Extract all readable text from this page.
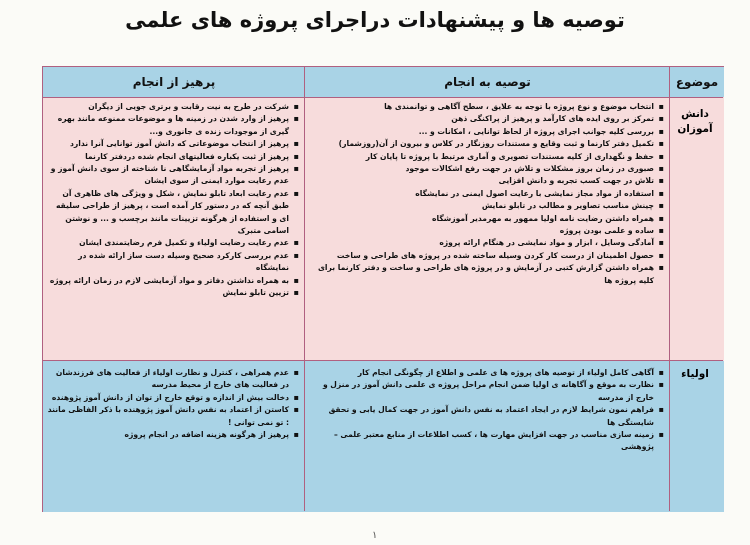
توصیه ها و پیشنهادات دراجرای پروژه های علمی
موضوع
توصیه به انجام
پرهیز از انجام
دانش آموزان
▪ انتخاب موضوع و نوع پروژه با توجه به علایق ، سطح آگاهی و توانمندی ها
▪ تمرکز بر روی ایده های کارآمد و پرهیز از پراکنگی ذهن
▪ بررسی کلیه جوانب اجرای پروژه از لحاظ توانایی ، امکانات و ...
▪ تکمیل دفتر کارنما و ثبت وقایع و مستندات روزنگار در کلاس و بیرون از آن(روزشمار)
▪ حفظ و نگهداری از کلیه مستندات تصویری و آماری مرتبط با پروژه تا پایان کار
▪ صبوری در زمان بروز مشکلات و تلاش در جهت رفع اشکالات موجود
▪ تلاش در جهت کسب تجربه و دانش افزایی
▪ استفاده از مواد مجاز نمایشی با رعایت اصول ایمنی در نمایشگاه
▪ چینش مناسب تصاویر و مطالب در تابلو نمایش
▪ همراه داشتن رضایت نامه اولیا ممهور به مهرمدیر آموزشگاه
▪ ساده و علمی بودن پروژه
▪ آمادگی وسایل ، ابزار و مواد نمایشی در هنگام ارائه پروژه
▪ حصول اطمینان از درست کار کردن وسیله ساخته شده در پروژه های طراحی و ساخت
▪ همراه داشتن گزارش کتبی در آزمایش و در پروژه های طراحی و ساخت و دفتر کارنما برای کلیه پروژه ها
▪ شرکت در طرح به نیت رقابت و برتری جویی از دیگران
▪ پرهیز از وارد شدن در زمینه ها و موضوعات ممنوعه مانند بهره گیری از موجودات زنده ی جانوری و...
▪ پرهیز از انتخاب موضوعاتی که دانش آموز توانایی آنرا ندارد
▪ پرهیز از ثبت یکباره فعالیتهای انجام شده دردفتر کارنما
▪ پرهیز از تجربه مواد آزمایشگاهی نا شناخته از سوی دانش آموز و عدم رعایت موارد ایمنی از سوی ایشان
▪ عدم رعایت ابعاد تابلو نمایش ، شکل و ویژگی های ظاهری آن طبق آنچه که در دستور کار آمده است ، پرهیز از طراحی سلیقه ای و استفاده از هرگونه تزیینات مانند برچسب و ... و نوشتن اسامی متبرک
▪ عدم رعایت رضایت اولیاء و تکمیل فرم رضایتمندی ایشان
▪ عدم بررسی کارکرد صحیح وسیله دست ساز ارائه شده در نمایشگاه
▪ به همراه نداشتن دفاتر و مواد آزمایشی لازم در زمان ارائه پروژه
▪ تزیین تابلو نمایش
اولیاء
▪ آگاهی کامل اولیاء از توصیه های پروژه ها ی علمی و اطلاع از چگونگی انجام کار
▪ نظارت به موقع و آگاهانه ی اولیا ضمن انجام مراحل پروژه ی علمی دانش آموز در منزل و خارج از مدرسه
▪ فراهم نمون شرایط لازم در ایجاد اعتماد به نفس دانش آموز در جهت کمال یابی و تحقق شایستگی ها
▪ زمینه سازی مناسب در جهت افزایش مهارت ها ، کسب اطلاعات از منابع معتبر علمی – پژوهشی
▪ عدم همراهی ، کنترل و نظارت اولیاء از فعالیت های فرزندشان در فعالیت های خارج از محیط مدرسه
▪ دخالت بیش از اندازه و توقع خارج از توان از دانش آموز پژوهنده
▪ کاستن از اعتماد به نفس دانش آموز پژوهنده با ذکر الفاظی مانند : تو نمی توانی !
▪ پرهیز از هرگونه هزینه اضافه در انجام پروژه
١
